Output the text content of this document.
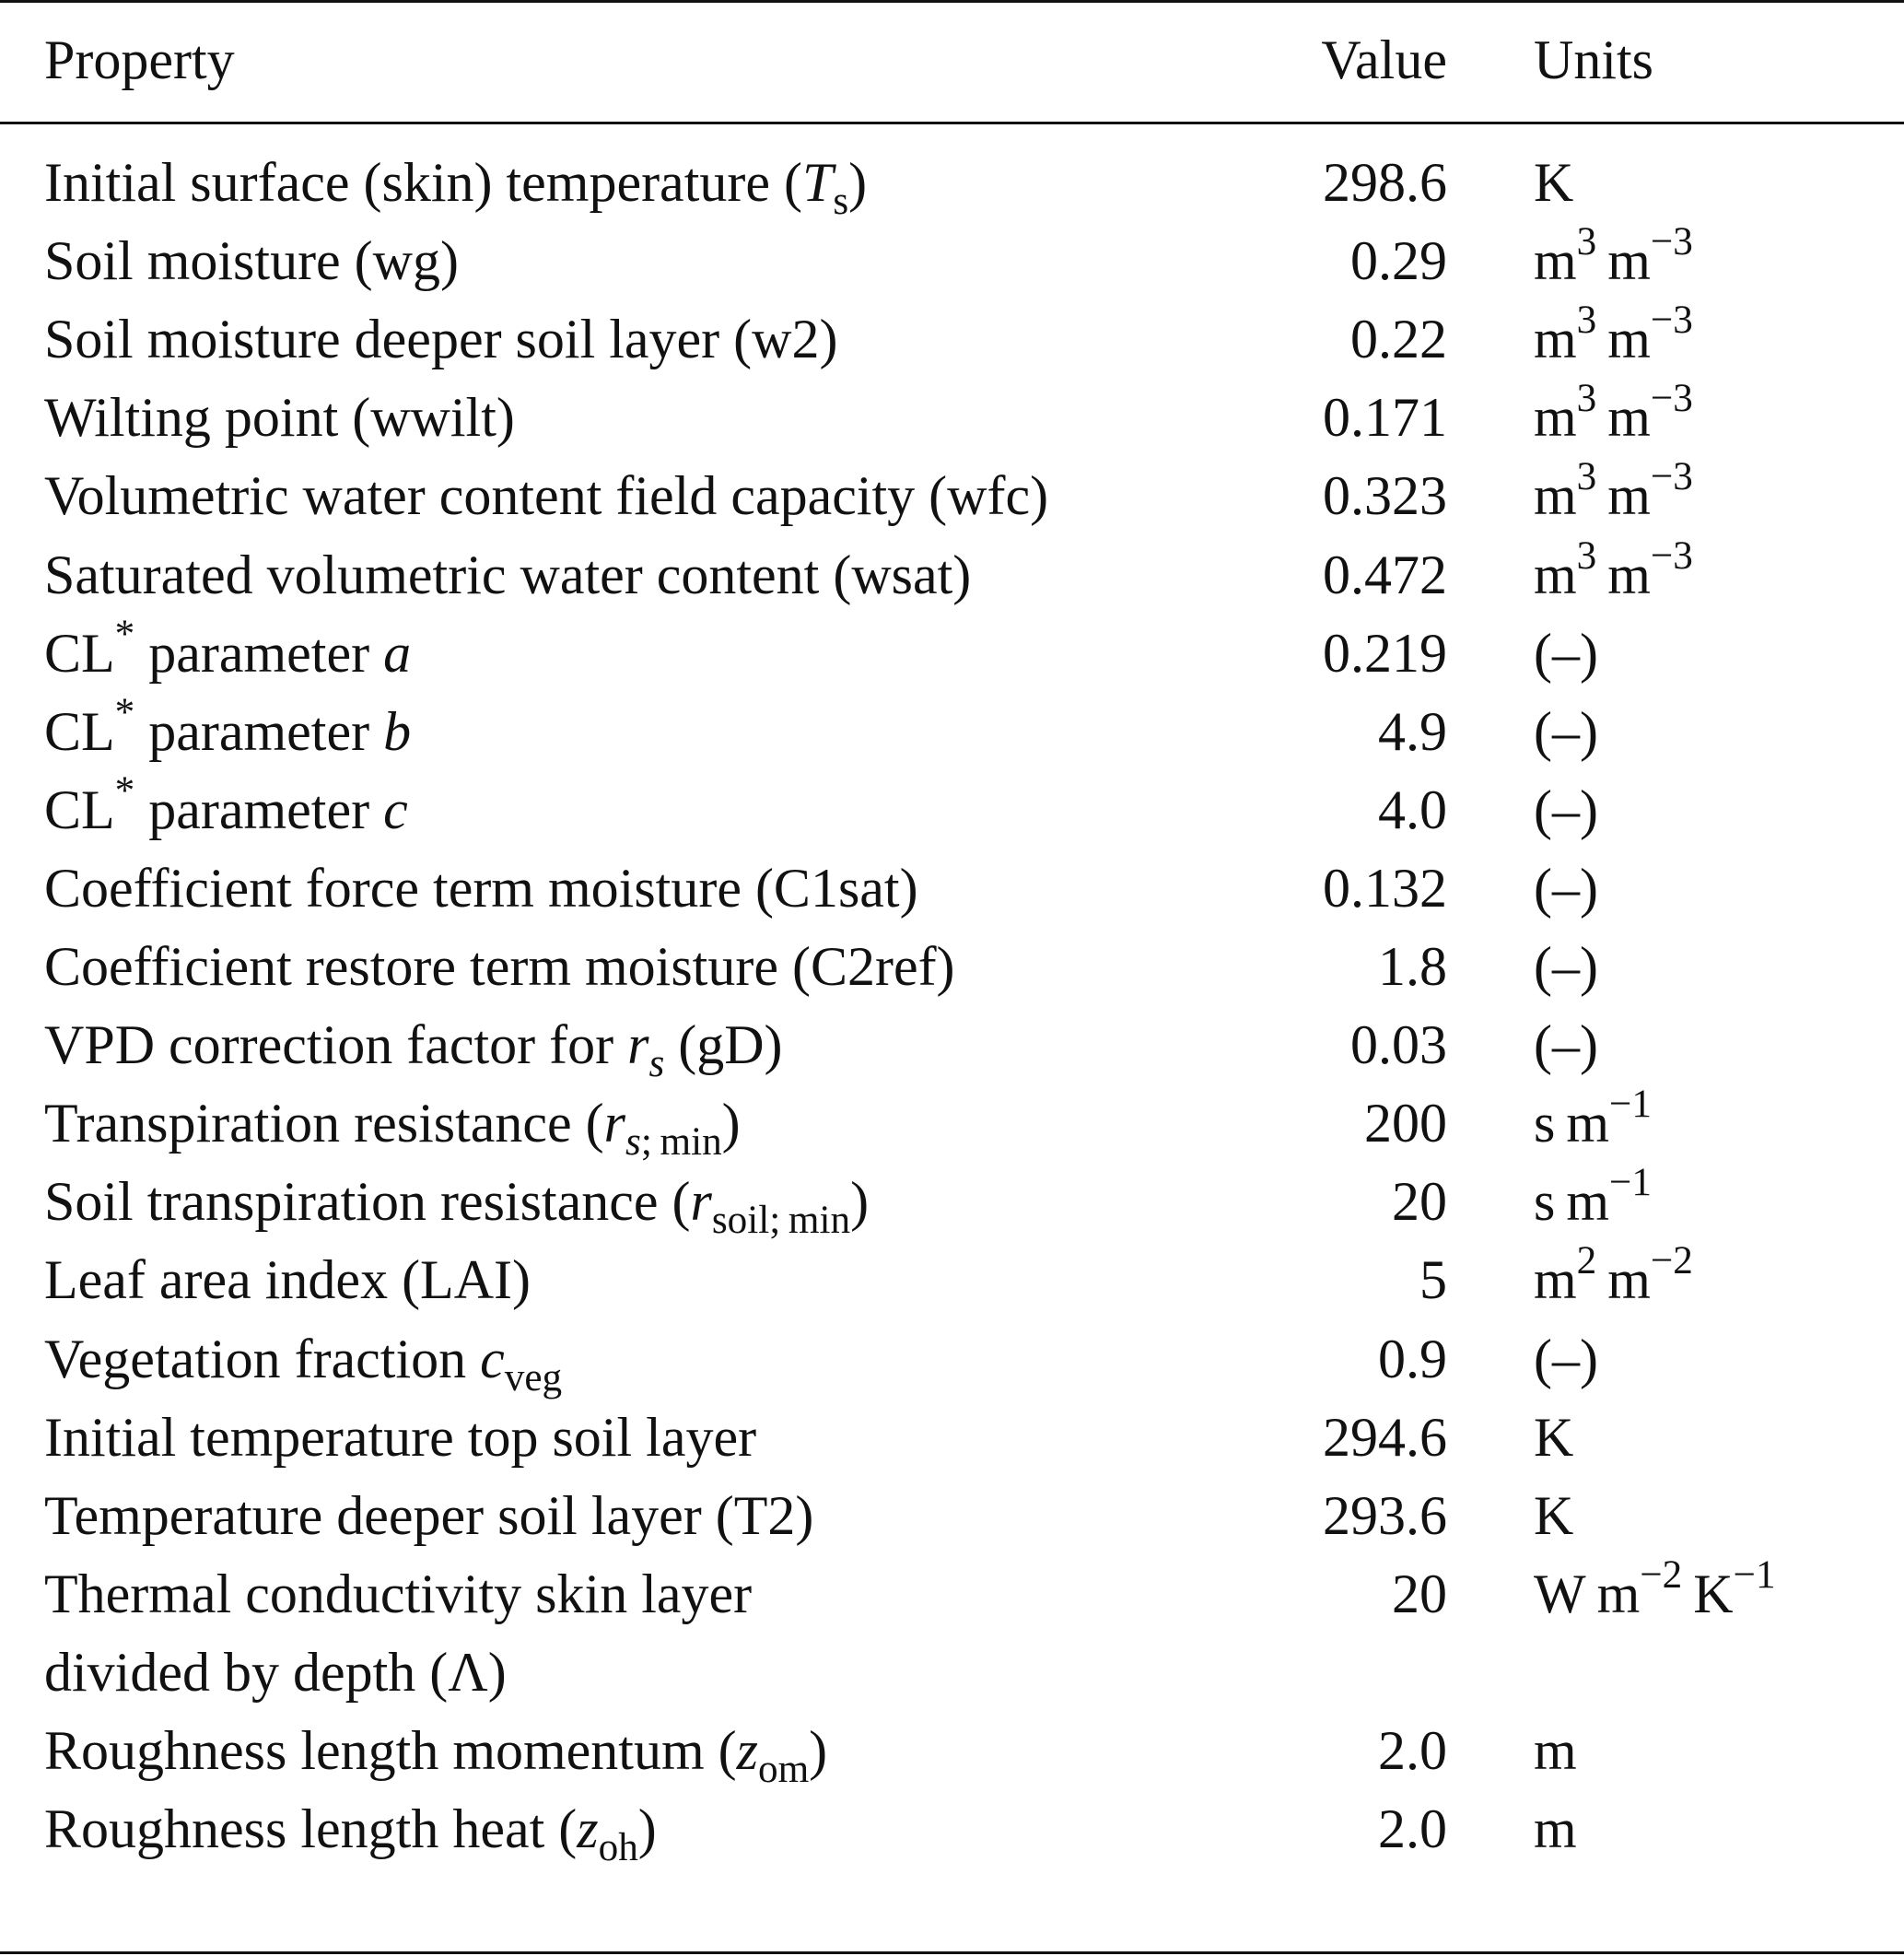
Property	Value Units
Initial surface (skin) temperature $(T_s)$	298.6 K
Soil moisture (wg)	0.29 $m^3$ $m^{-3}$
Soil moisture deeper soil layer (w2)	0.22 $m^3$ $m^{-3}$
Wilting point (wwilt)	0.171 $m^3$ $m^{-3}$
Volumetric water content field capacity (wfc)	0.323 $m^3$ $m^{-3}$
Saturated volumetric water content (wsat)	0.472 $m^3$ $m^{-3}$
CL* parameter a	0.219 (–)
CL* parameter b	4.9 (–)
CL* parameter c	4.0 (–)
Coefficient force term moisture (C1sat)	0.132 (–)
Coefficient restore term moisture (C2ref)	1.8 (–)
VPD correction factor for $r_s$ (gD)	0.03 (–)
Transpiration resistance $(r_{s; min})$	200 s $m^{-1}$
Soil transpiration resistance $(r_{soil; min})$	20 s $m^{-1}$
Leaf area index (LAI)	5 $m^2$ $m^{-2}$
Vegetation fraction $c_{veg}$	0.9 (–)
Initial temperature top soil layer	294.6 K
Temperature deeper soil layer (T2)	293.6 K
Thermal conductivity skin layer	20 W $m^{-2}$ $K^{-1}$
divided by depth (Λ)
Roughness length momentum $(z_{om})$	2.0 m
Roughness length heat $(z_{oh})$	2.0 m
